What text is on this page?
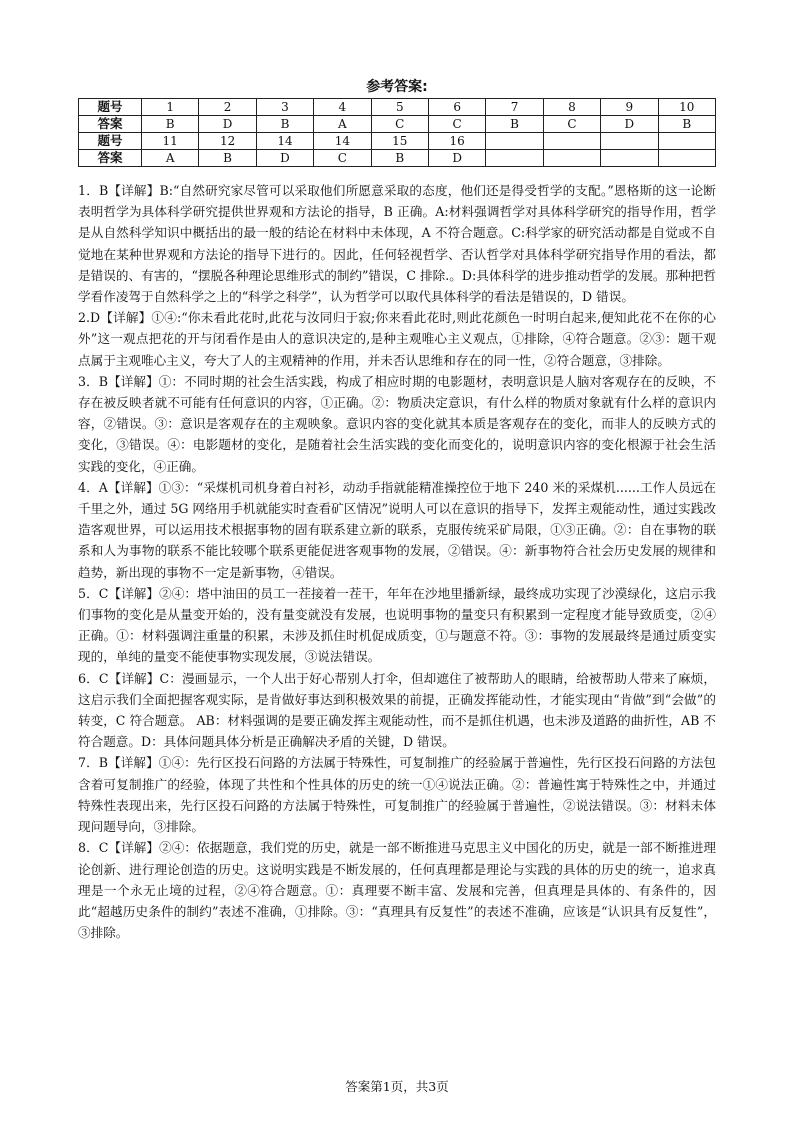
参考答案:
题号	1	2	3	4	5	6	7	8	9	10
答案	B	D	B	A	C	C	B	C	D	B
题号	11	12	14	14	15	16				
答案	A	B	D	C	B	D				

1．B【详解】B:“自然研究家尽管可以采取他们所愿意采取的态度，他们还是得受哲学的支配。”恩格斯的这一论断表明哲学为具体科学研究提供世界观和方法论的指导，B 正确。A:材料强调哲学对具体科学研究的指导作用，哲学是从自然科学知识中概括出的最一般的结论在材料中未体现，A 不符合题意。C:科学家的研究活动都是自觉或不自觉地在某种世界观和方法论的指导下进行的。因此，任何轻视哲学、否认哲学对具体科学研究指导作用的看法，都是错误的、有害的，“摆脱各种理论思维形式的制约”错误，C 排除.。D:具体科学的进步推动哲学的发展。那种把哲学看作凌驾于自然科学之上的“科学之科学”，认为哲学可以取代具体科学的看法是错误的，D 错误。

2.D【详解】①④:“你未看此花时,此花与汝同归于寂;你来看此花时,则此花颜色一时明白起来,便知此花不在你的心外”这一观点把花的开与闭看作是由人的意识决定的,是种主观唯心主义观点，①排除，④符合题意。②③：题干观点属于主观唯心主义，夸大了人的主观精神的作用，并未否认思维和存在的同一性，②符合题意，③排除。

3．B【详解】①：不同时期的社会生活实践，构成了相应时期的电影题材，表明意识是人脑对客观存在的反映，不存在被反映者就不可能有任何意识的内容，①正确。②：物质决定意识，有什么样的物质对象就有什么样的意识内容，②错误。③：意识是客观存在的主观映象。意识内容的变化就其本质是客观存在的变化，而非人的反映方式的变化，③错误。④：电影题材的变化，是随着社会生活实践的变化而变化的，说明意识内容的变化根源于社会生活实践的变化，④正确。

4．A【详解】①③：“采煤机司机身着白衬衫，动动手指就能精准操控位于地下 240 米的采煤机......工作人员远在千里之外，通过 5G 网络用手机就能实时查看矿区情况”说明人可以在意识的指导下，发挥主观能动性，通过实践改造客观世界，可以运用技术根据事物的固有联系建立新的联系，克服传统采矿局限，①③正确。②：自在事物的联系和人为事物的联系不能比较哪个联系更能促进客观事物的发展，②错误。④：新事物符合社会历史发展的规律和趋势，新出现的事物不一定是新事物，④错误。

5．C【详解】②④：塔中油田的员工一茬接着一茬干，年年在沙地里播新绿，最终成功实现了沙漠绿化，这启示我们事物的变化是从量变开始的，没有量变就没有发展，也说明事物的量变只有积累到一定程度才能导致质变，②④正确。①：材料强调注重量的积累，未涉及抓住时机促成质变，①与题意不符。③：事物的发展最终是通过质变实现的，单纯的量变不能使事物实现发展，③说法错误。

6．C【详解】C：漫画显示，一个人出于好心帮别人打伞，但却遮住了被帮助人的眼睛，给被帮助人带来了麻烦，这启示我们全面把握客观实际，是肯做好事达到积极效果的前提，正确发挥能动性，才能实现由“肯做”到“会做”的转变，C 符合题意。 AB：材料强调的是要正确发挥主观能动性，而不是抓住机遇，也未涉及道路的曲折性，AB 不符合题意。D：具体问题具体分析是正确解决矛盾的关键，D 错误。

7．B【详解】①④：先行区投石问路的方法属于特殊性，可复制推广的经验属于普遍性，先行区投石问路的方法包含着可复制推广的经验，体现了共性和个性具体的历史的统一①④说法正确。②：普遍性寓于特殊性之中，并通过特殊性表现出来，先行区投石问路的方法属于特殊性，可复制推广的经验属于普遍性，②说法错误。③：材料未体现问题导向，③排除。

8．C【详解】②④：依据题意，我们党的历史，就是一部不断推进马克思主义中国化的历史，就是一部不断推进理论创新、进行理论创造的历史。这说明实践是不断发展的，任何真理都是理论与实践的具体的历史的统一，追求真理是一个永无止境的过程，②④符合题意。①：真理要不断丰富、发展和完善，但真理是具体的、有条件的，因此“超越历史条件的制约”表述不准确，①排除。③：“真理具有反复性”的表述不准确，应该是“认识具有反复性”，③排除。

答案第1页，共3页
